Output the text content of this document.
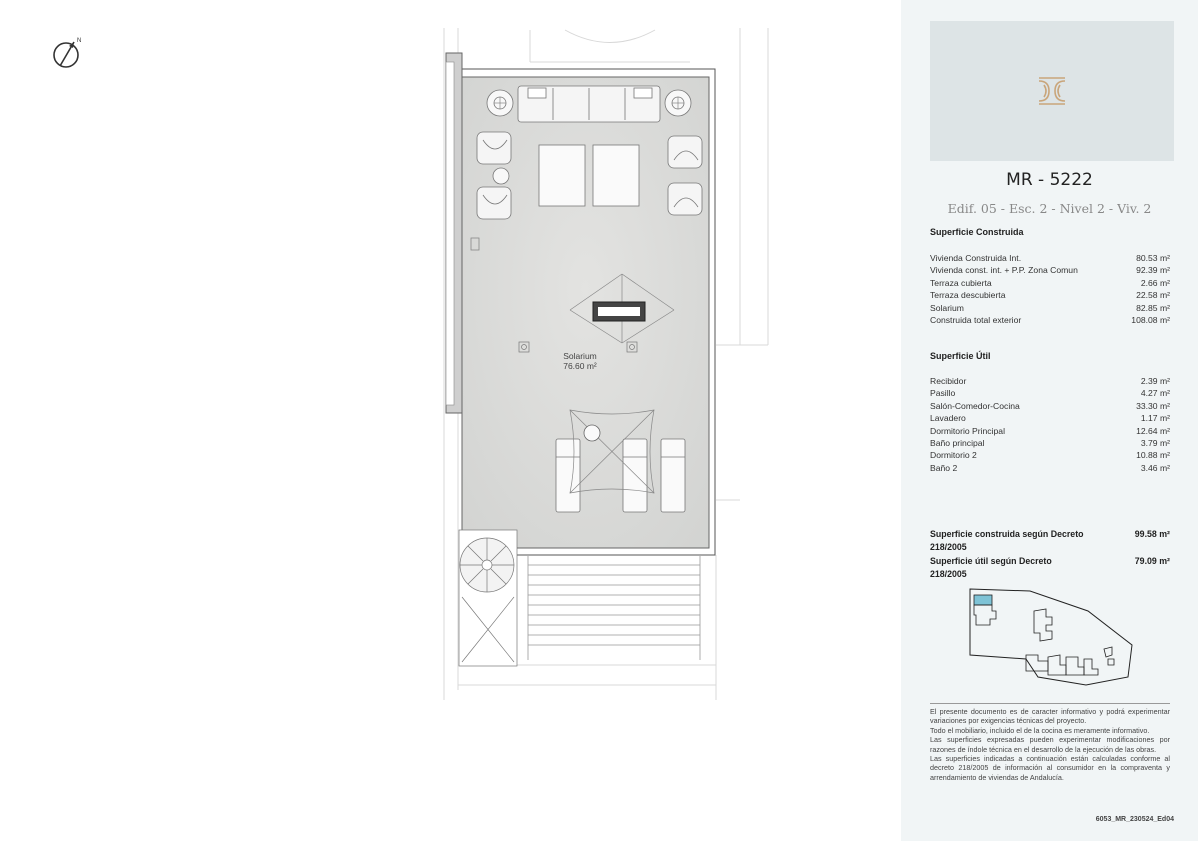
N
Solarium
76.60 m²
MR - 5222
Edif. 05 - Esc. 2 - Nivel 2 - Viv. 2
Superficie Construida
Vivienda Construida Int.	80.53 m²
Vivienda const. int. + P.P. Zona Comun	92.39 m²
Terraza cubierta	2.66 m²
Terraza descubierta	22.58 m²
Solarium	82.85 m²
Construida total exterior	108.08 m²
Superficie Útil
Recibidor	2.39 m²
Pasillo	4.27 m²
Salón-Comedor-Cocina	33.30 m²
Lavadero	1.17 m²
Dormitorio Principal	12.64 m²
Baño principal	3.79 m²
Dormitorio 2	10.88 m²
Baño 2	3.46 m²
Superficie construida según Decreto 218/2005
99.58 m²
Superficie útil según Decreto 218/2005
79.09 m²

El presente documento es de caracter informativo y podrá experimentar variaciones por exigencias técnicas del proyecto.

Todo el mobiliario, incluido el de la cocina es meramente informativo.

Las superficies expresadas pueden experimentar modificaciones por razones de índole técnica en el desarrollo de la ejecución de las obras.

Las superficies indicadas a continuación están calculadas conforme al decreto 218/2005 de información al consumidor en la compraventa y arrendamiento de viviendas de Andalucía.

6053_MR_230524_Ed04
